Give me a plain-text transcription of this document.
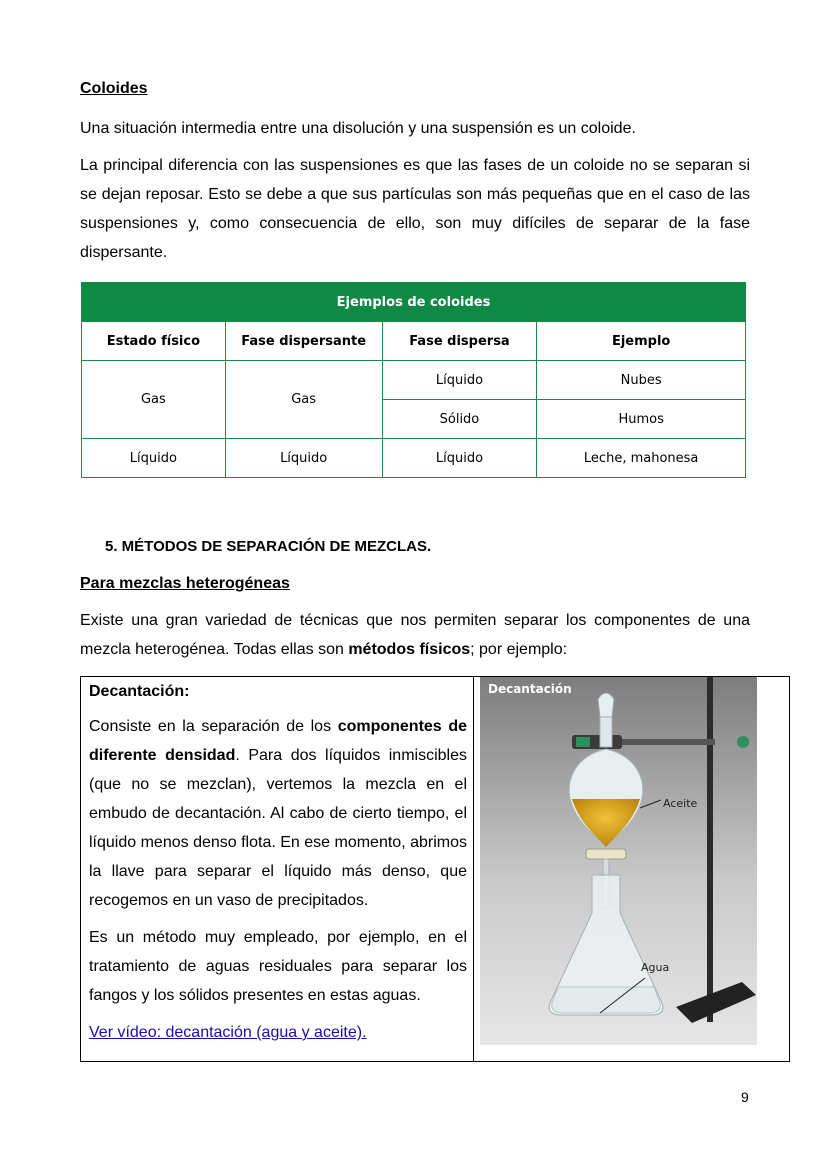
Coloides
Una situación intermedia entre una disolución y una suspensión es un coloide.
La principal diferencia con las suspensiones es que las fases de un coloide no se separan si se dejan reposar. Esto se debe a que sus partículas son más pequeñas que en el caso de las suspensiones y, como consecuencia de ello, son muy difíciles de separar de la fase dispersante.
Ejemplos de coloides			
Estado físico	Fase dispersante	Fase dispersa	Ejemplo
Gas	Gas	Líquido	Nubes
		Sólido	Humos
Líquido	Líquido	Líquido	Leche, mahonesa
5. MÉTODOS DE SEPARACIÓN DE MEZCLAS.
Para mezclas heterogéneas
Existe una gran variedad de técnicas que nos permiten separar los componentes de una mezcla heterogénea. Todas ellas son métodos físicos; por ejemplo:

Decantación:

Consiste en la separación de los componentes de diferente densidad. Para dos líquidos inmiscibles (que no se mezclan), vertemos la mezcla en el embudo de decantación. Al cabo de cierto tiempo, el líquido menos denso flota. En ese momento, abrimos la llave para separar el líquido más denso, que recogemos en un vaso de precipitados.

Es un método muy empleado, por ejemplo, en el tratamiento de aguas residuales para separar los fangos y los sólidos presentes en estas aguas.

Ver vídeo: decantación (agua y aceite).

Decantación
Aceite
Agua
9
